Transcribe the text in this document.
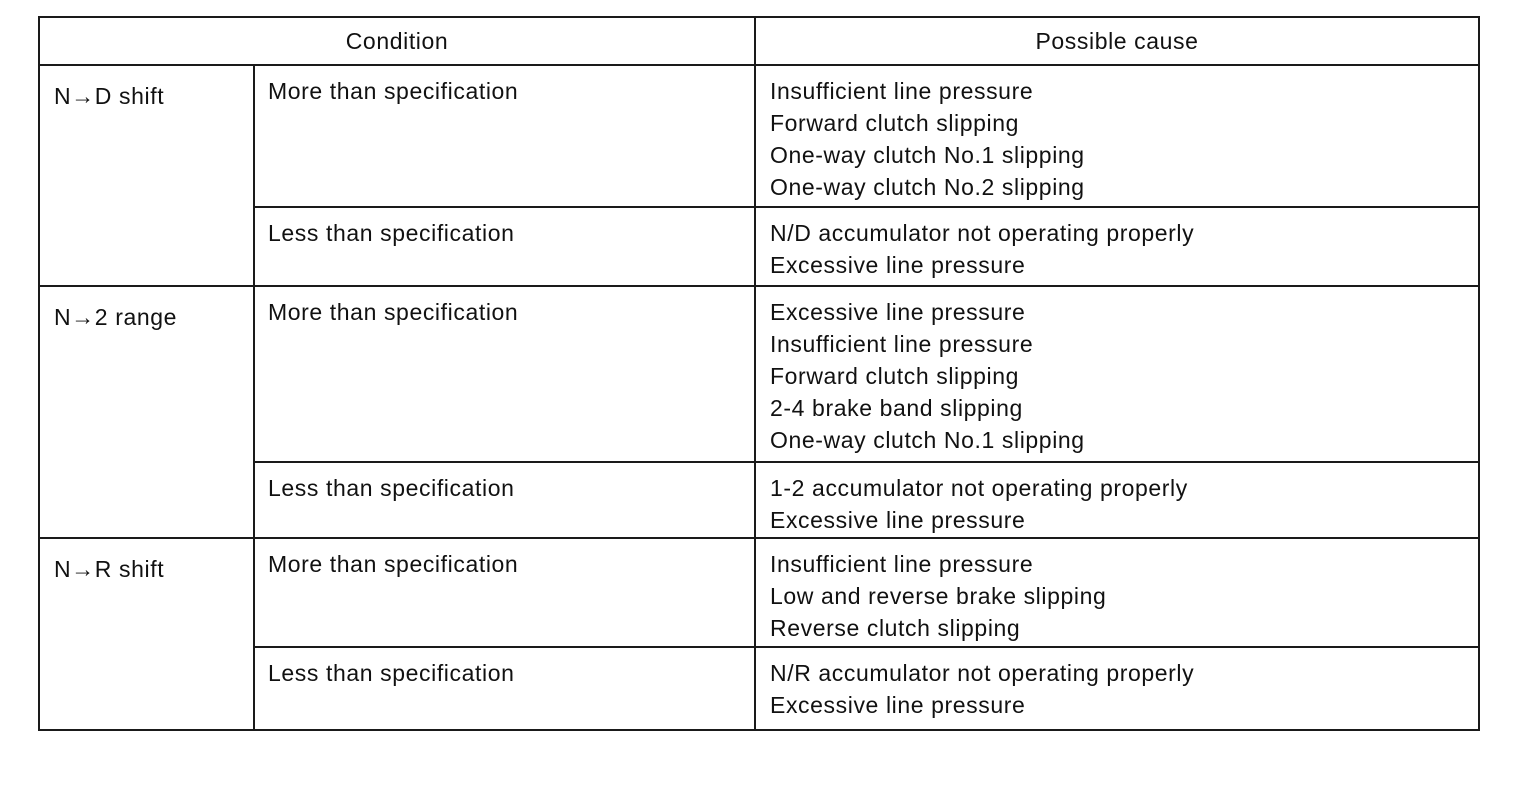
Condition		Possible cause

N→D shift	More than specification	Insufficient line pressure
Forward clutch slipping
One-way clutch No.1 slipping
One-way clutch No.2 slipping

	Less than specification	N/D accumulator not operating properly
Excessive line pressure

N→2 range	More than specification	Excessive line pressure
Insufficient line pressure
Forward clutch slipping
2-4 brake band slipping
One-way clutch No.1 slipping

	Less than specification	1-2 accumulator not operating properly
Excessive line pressure

N→R shift	More than specification	Insufficient line pressure
Low and reverse brake slipping
Reverse clutch slipping

	Less than specification	N/R accumulator not operating properly
Excessive line pressure
